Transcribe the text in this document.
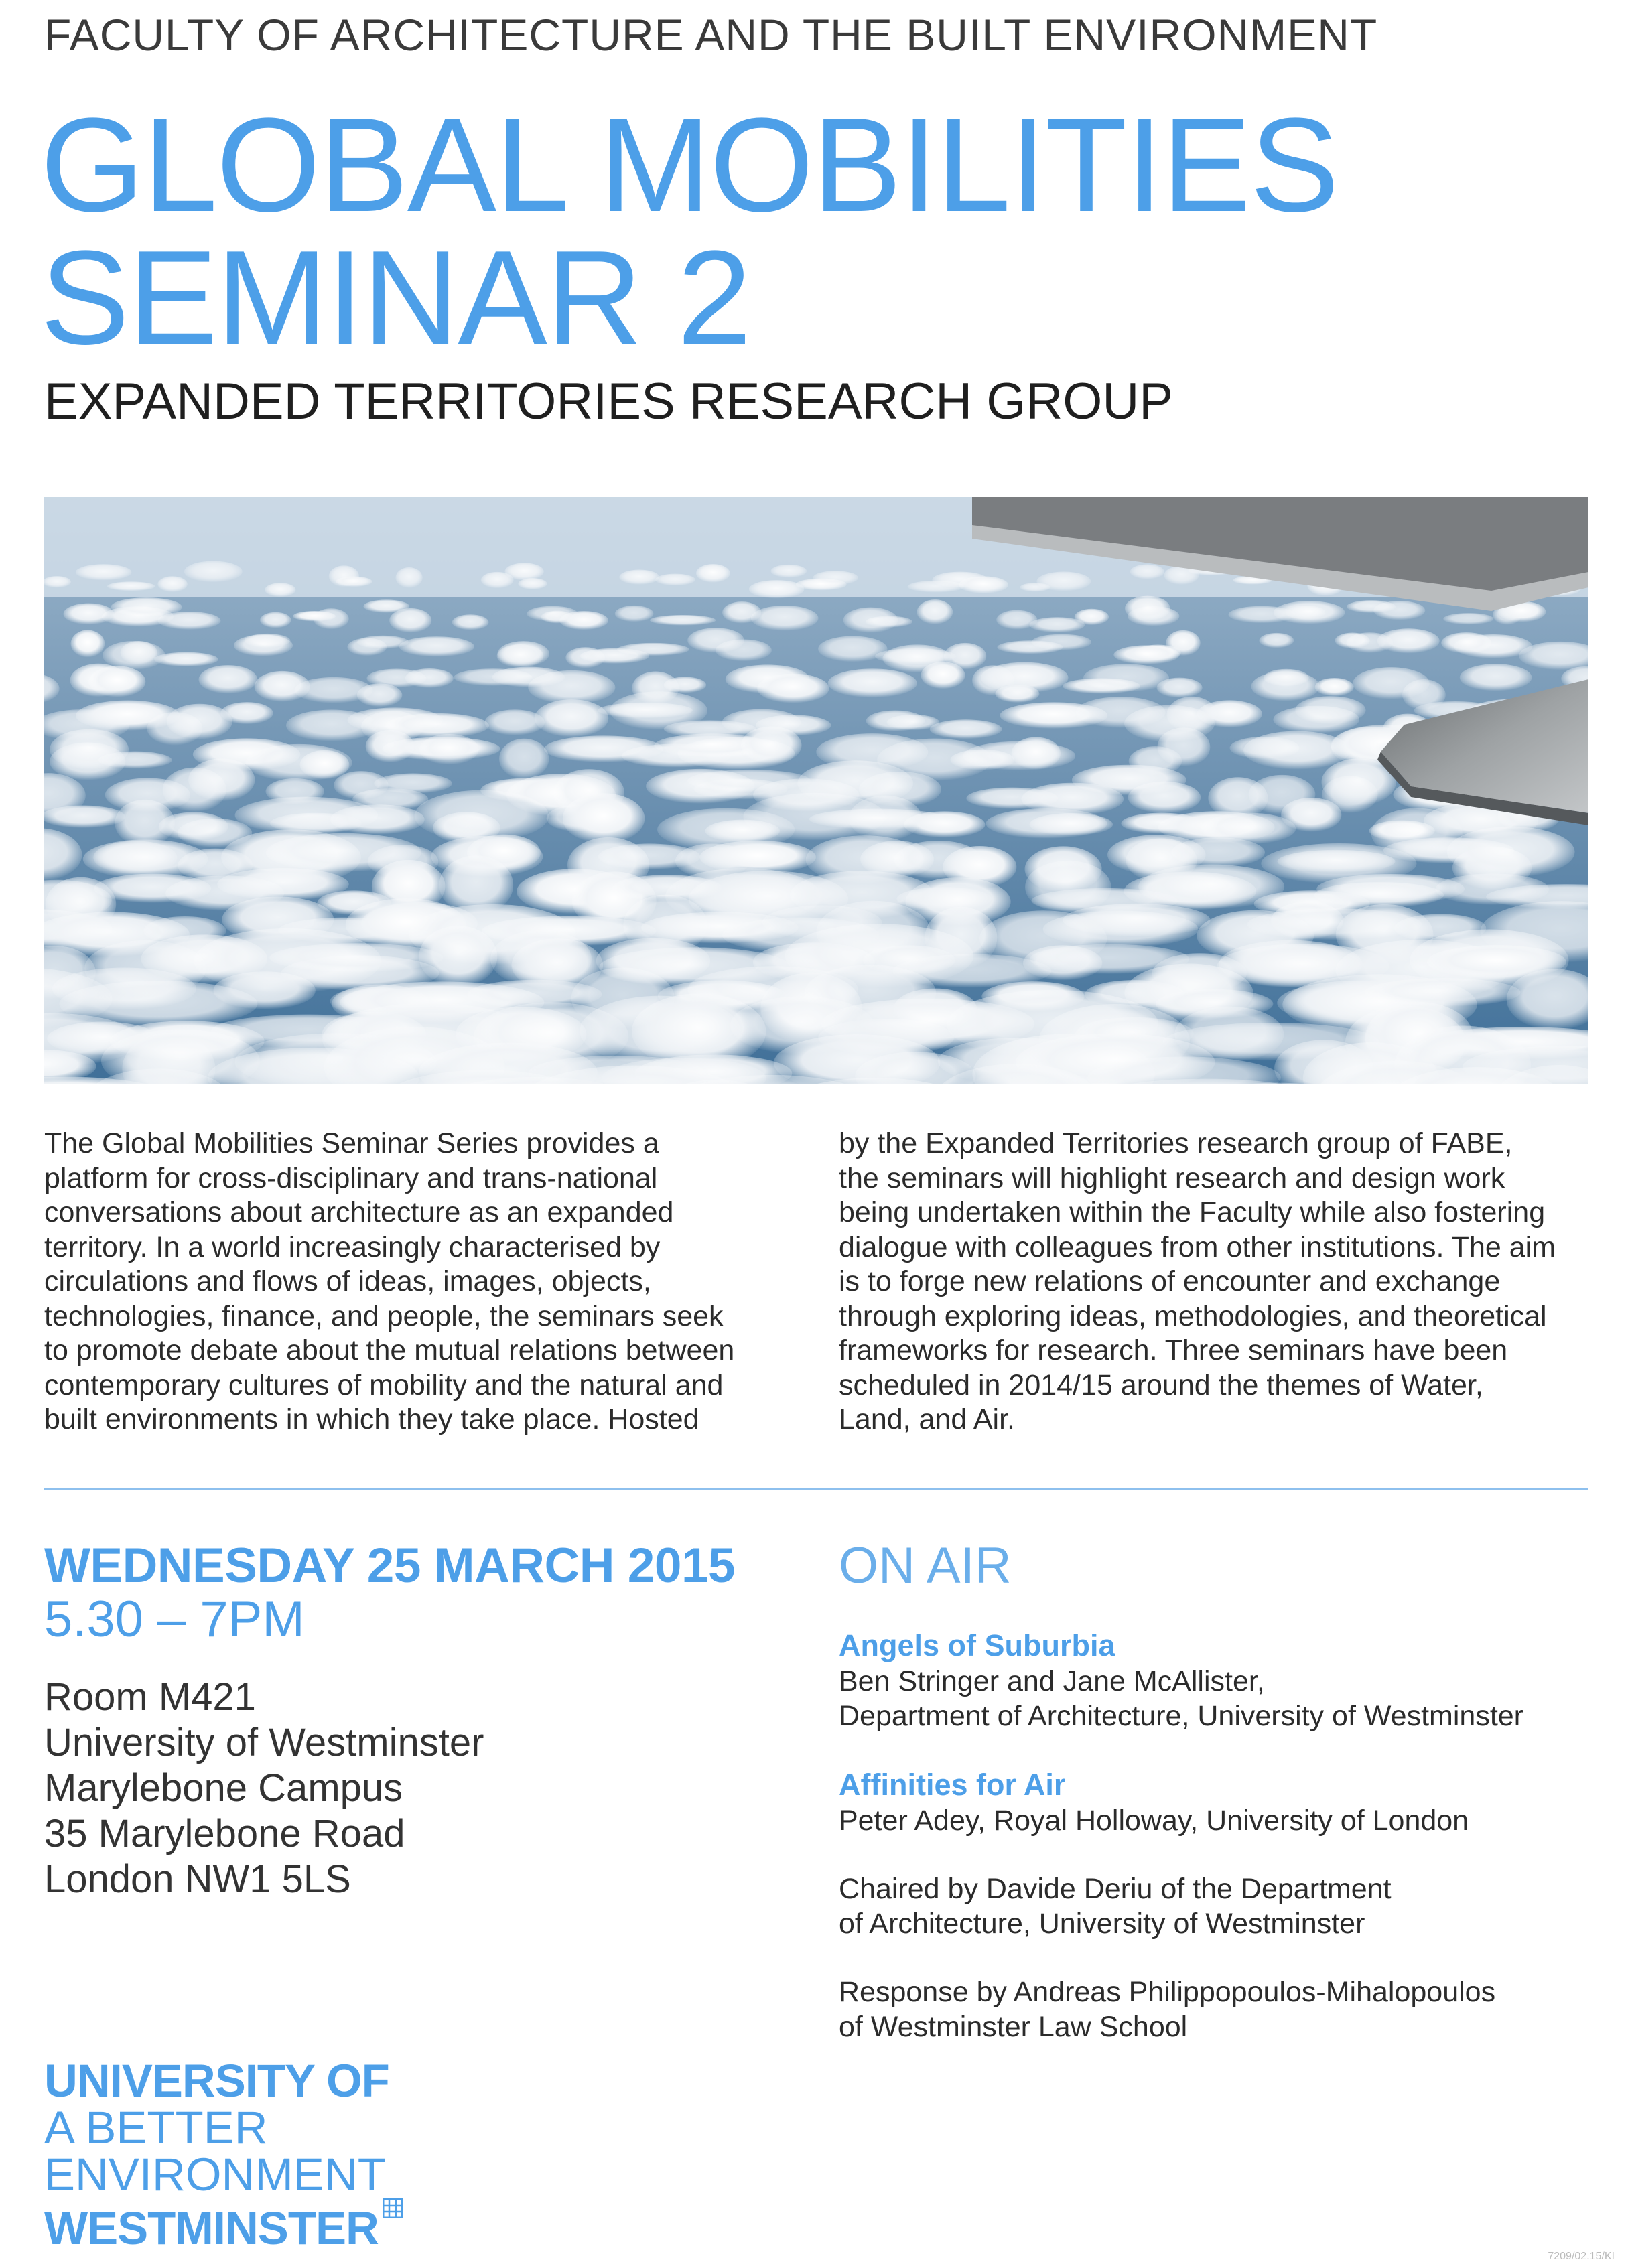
FACULTY OF ARCHITECTURE AND THE BUILT ENVIRONMENT
GLOBAL MOBILITIES
SEMINAR 2
EXPANDED TERRITORIES RESEARCH GROUP
The Global Mobilities Seminar Series provides a
platform for cross-disciplinary and trans-national
conversations about architecture as an expanded
territory. In a world increasingly characterised by
circulations and flows of ideas, images, objects,
technologies, finance, and people, the seminars seek
to promote debate about the mutual relations between
contemporary cultures of mobility and the natural and
built environments in which they take place. Hosted
by the Expanded Territories research group of FABE,
the seminars will highlight research and design work
being undertaken within the Faculty while also fostering
dialogue with colleagues from other institutions. The aim
is to forge new relations of encounter and exchange
through exploring ideas, methodologies, and theoretical
frameworks for research. Three seminars have been
scheduled in 2014/15 around the themes of Water,
Land, and Air.
WEDNESDAY 25 MARCH 2015
5.30 – 7PM
Room M421
University of Westminster
Marylebone Campus
35 Marylebone Road
London NW1 5LS
ON AIR
Angels of Suburbia
Ben Stringer and Jane McAllister,
Department of Architecture, University of Westminster
Affinities for Air
Peter Adey, Royal Holloway, University of London
Chaired by Davide Deriu of the Department
of Architecture, University of Westminster
Response by Andreas Philippopoulos-Mihalopoulos
of Westminster Law School
UNIVERSITY OF
A BETTER
ENVIRONMENT
WESTMINSTER
7209/02.15/KI
